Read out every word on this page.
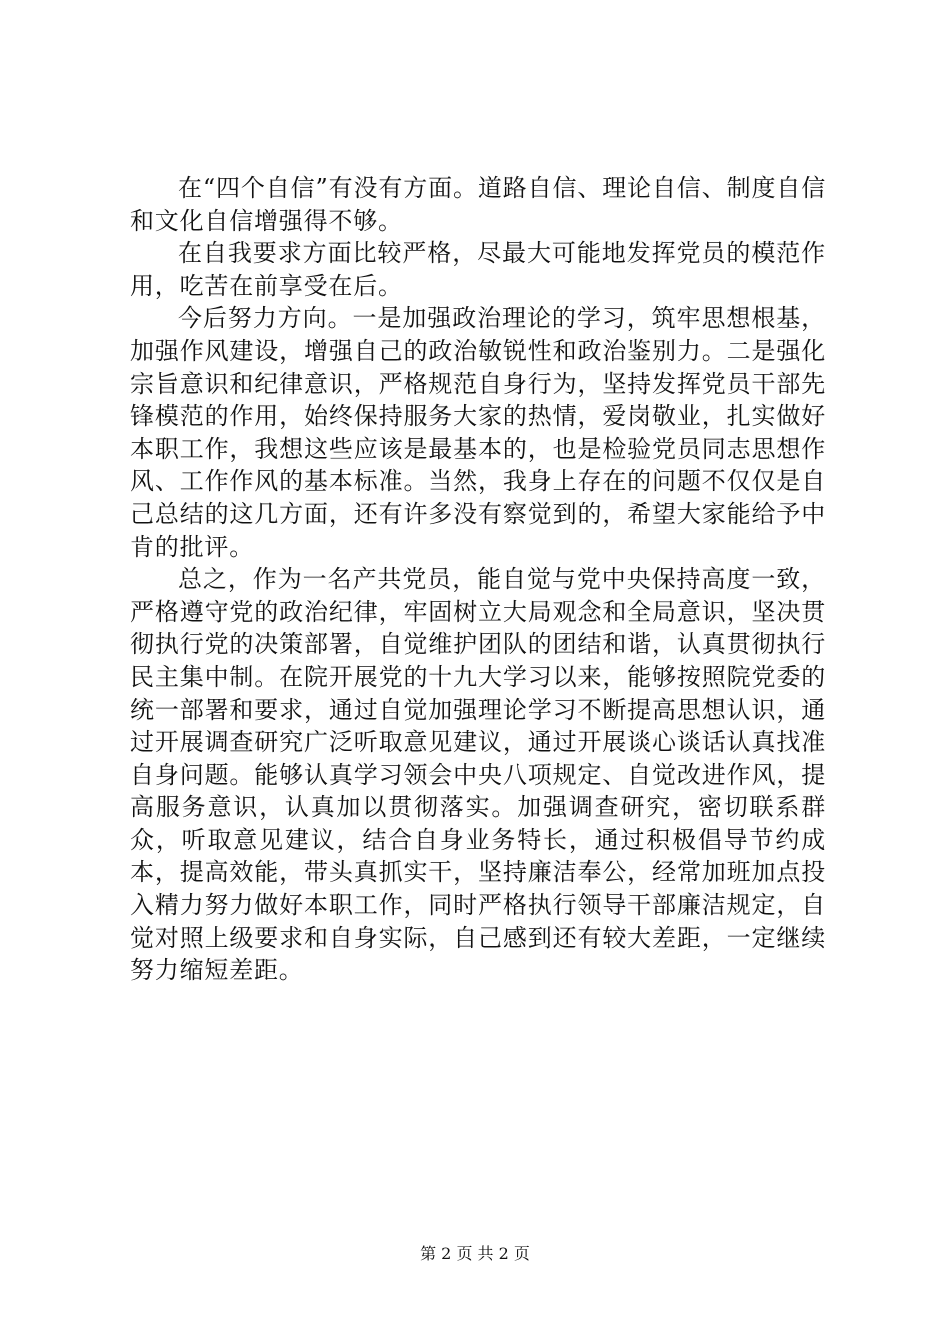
在“四个自信”有没有方面。道路自信、理论自信、制度自信和文化自信增强得不够。

在自我要求方面比较严格，尽最大可能地发挥党员的模范作用，吃苦在前享受在后。

今后努力方向。一是加强政治理论的学习，筑牢思想根基，加强作风建设，增强自己的政治敏锐性和政治鉴别力。二是强化宗旨意识和纪律意识，严格规范自身行为，坚持发挥党员干部先锋模范的作用，始终保持服务大家的热情，爱岗敬业，扎实做好本职工作，我想这些应该是最基本的，也是检验党员同志思想作风、工作作风的基本标准。当然，我身上存在的问题不仅仅是自己总结的这几方面，还有许多没有察觉到的，希望大家能给予中肯的批评。

总之，作为一名产共党员，能自觉与党中央保持高度一致，严格遵守党的政治纪律，牢固树立大局观念和全局意识，坚决贯彻执行党的决策部署，自觉维护团队的团结和谐，认真贯彻执行民主集中制。在院开展党的十九大学习以来，能够按照院党委的统一部署和要求，通过自觉加强理论学习不断提高思想认识，通过开展调查研究广泛听取意见建议，通过开展谈心谈话认真找准自身问题。能够认真学习领会中央八项规定、自觉改进作风，提高服务意识，认真加以贯彻落实。加强调查研究，密切联系群众，听取意见建议，结合自身业务特长，通过积极倡导节约成本，提高效能，带头真抓实干，坚持廉洁奉公，经常加班加点投入精力努力做好本职工作，同时严格执行领导干部廉洁规定，自觉对照上级要求和自身实际，自己感到还有较大差距，一定继续努力缩短差距。

第 2 页 共 2 页
